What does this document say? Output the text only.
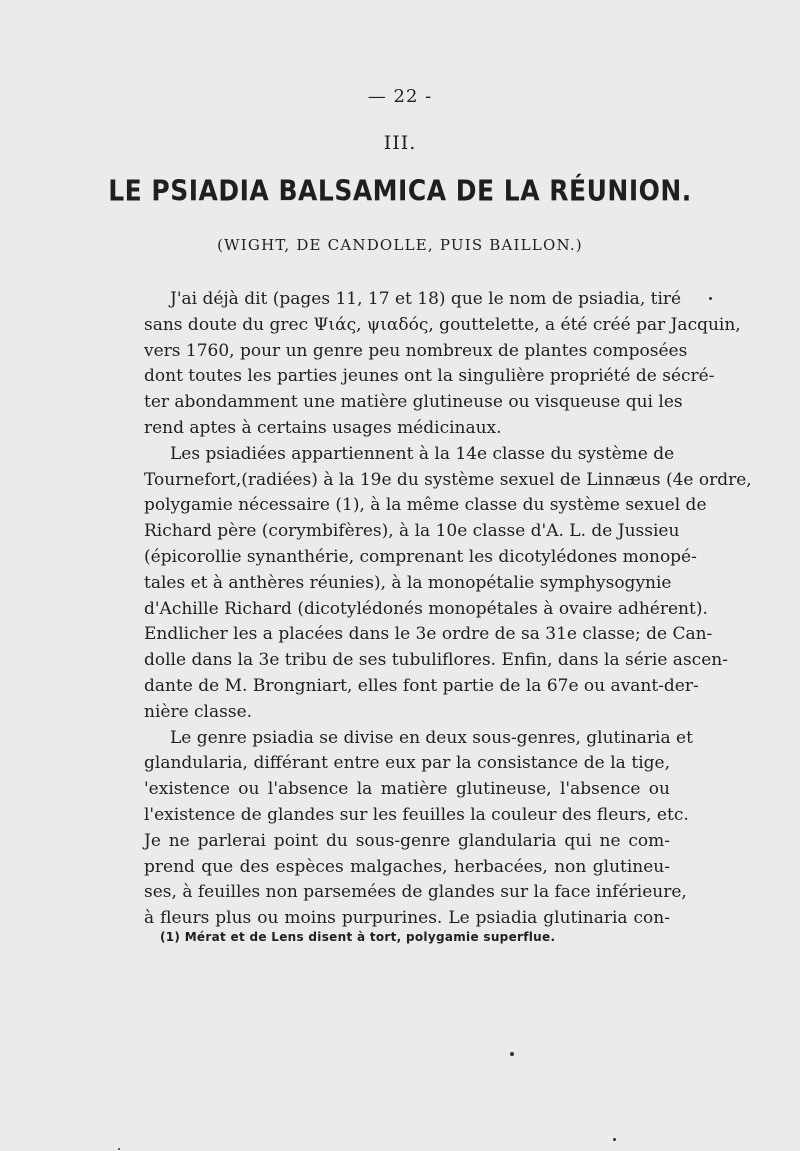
— 22 -
III.
LE PSIADIA BALSAMICA DE LA RÉUNION.
(WIGHT, DE CANDOLLE, PUIS BAILLON.)
J'ai déjà dit (pages 11, 17 et 18) que le nom de psiadia, tiré
sans doute du grec Ψιάς, ψιαδός, gouttelette, a été créé par Jacquin,
vers 1760, pour un genre peu nombreux de plantes composées
dont toutes les parties jeunes ont la singulière propriété de sécré-
ter abondamment une matière glutineuse ou visqueuse qui les
rend aptes à certains usages médicinaux.
Les psiadiées appartiennent à la 14e classe du système de
Tournefort,(radiées) à la 19e du système sexuel de Linnæus (4e ordre,
polygamie nécessaire (1), à la même classe du système sexuel de
Richard père (corymbifères), à la 10e classe d'A. L. de Jussieu
(épicorollie synanthérie, comprenant les dicotylédones monopé-
tales et à anthères réunies), à la monopétalie symphysogynie
d'Achille Richard (dicotylédonés monopétales à ovaire adhérent).
Endlicher les a placées dans le 3e ordre de sa 31e classe; de Can-
dolle dans la 3e tribu de ses tubuliflores. Enfin, dans la série ascen-
dante de M. Brongniart, elles font partie de la 67e ou avant-der-
nière classe.
Le genre psiadia se divise en deux sous-genres, glutinaria et
glandularia, différant entre eux par la consistance de la tige,
'existence ou l'absence la matière glutineuse, l'absence ou
l'existence de glandes sur les feuilles la couleur des fleurs, etc.
Je ne parlerai point du sous-genre glandularia qui ne com-
prend que des espèces malgaches, herbacées, non glutineu-
ses, à feuilles non parsemées de glandes sur la face inférieure,
à fleurs plus ou moins purpurines. Le psiadia glutinaria con-
(1) Mérat et de Lens disent à tort, polygamie superflue.
